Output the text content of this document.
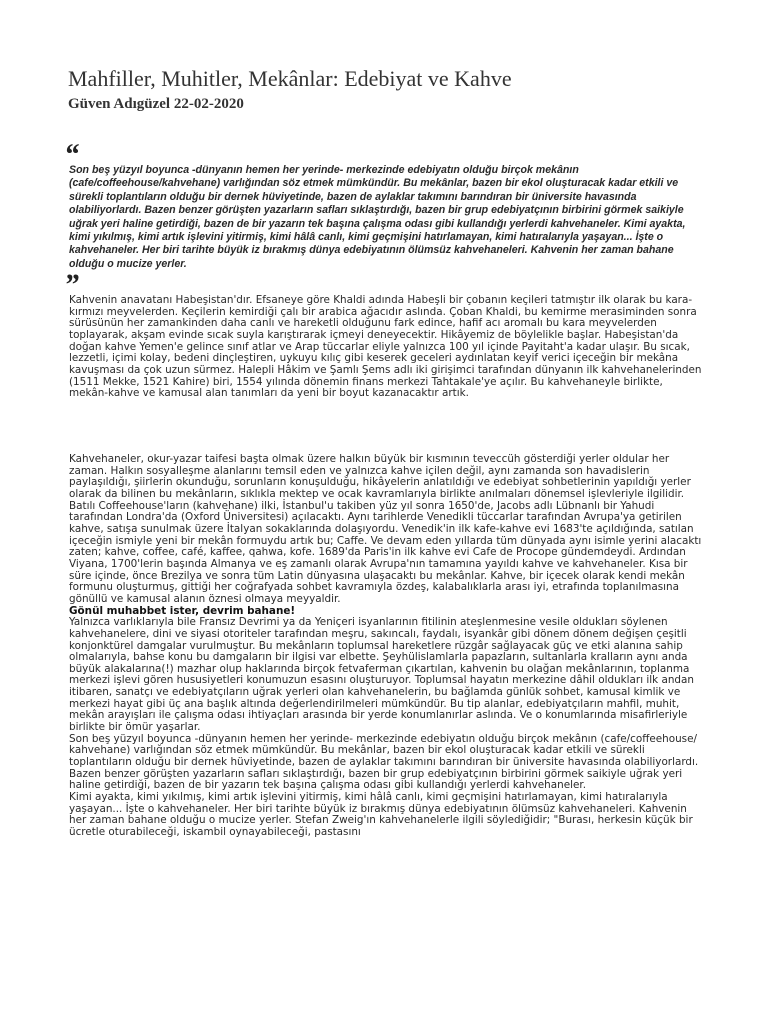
Mahfiller, Muhitler, Mekânlar: Edebiyat ve Kahve
Güven Adıgüzel 22-02-2020
“
Son beş yüzyıl boyunca -dünyanın hemen her yerinde- merkezinde edebiyatın olduğu birçok mekânın (cafe/coffeehouse/kahvehane) varlığından söz etmek mümkündür. Bu mekânlar, bazen bir ekol oluşturacak kadar etkili ve sürekli toplantıların olduğu bir dernek hüviyetinde, bazen de aylaklar takımını barındıran bir üniversite havasında olabiliyorlardı. Bazen benzer görüşten yazarların safları sıklaştırdığı, bazen bir grup edebiyatçının birbirini görmek saikiyle uğrak yeri haline getirdiği, bazen de bir yazarın tek başına çalışma odası gibi kullandığı yerlerdi kahvehaneler. Kimi ayakta, kimi yıkılmış, kimi artık işlevini yitirmiş, kimi hâlâ canlı, kimi geçmişini hatırlamayan, kimi hatıralarıyla yaşayan... İşte o kahvehaneler. Her biri tarihte büyük iz bırakmış dünya edebiyatının ölümsüz kahvehaneleri. Kahvenin her zaman bahane olduğu o mucize yerler.
”

Kahvenin anavatanı Habeşistan'dır. Efsaneye göre Khaldi adında Habeşli bir çobanın keçileri tatmıştır ilk olarak bu kara-kırmızı meyvelerden. Keçilerin kemirdiği çalı bir arabica ağacıdır aslında. Çoban Khaldi, bu kemirme merasiminden sonra sürüsünün her zamankinden daha canlı ve hareketli olduğunu fark edince, hafif acı aromalı bu kara meyvelerden toplayarak, akşam evinde sıcak suyla karıştırarak içmeyi deneyecektir. Hikâyemiz de böylelikle başlar. Habeşistan'da doğan kahve Yemen'e gelince sınıf atlar ve Arap tüccarlar eliyle yalnızca 100 yıl içinde Payitaht'a kadar ulaşır. Bu sıcak, lezzetli, içimi kolay, bedeni dinçleştiren, uykuyu kılıç gibi keserek geceleri aydınlatan keyif verici içeceğin bir mekâna kavuşması da çok uzun sürmez. Halepli Hâkim ve Şamlı Şems adlı iki girişimci tarafından dünyanın ilk kahvehanelerinden (1511 Mekke, 1521 Kahire) biri, 1554 yılında dönemin finans merkezi Tahtakale'ye açılır. Bu kahvehaneyle birlikte, mekân-kahve ve kamusal alan tanımları da yeni bir boyut kazanacaktır artık.

Kahvehaneler, okur-yazar taifesi başta olmak üzere halkın büyük bir kısmının teveccüh gösterdiği yerler oldular her zaman. Halkın sosyalleşme alanlarını temsil eden ve yalnızca kahve içilen değil, aynı zamanda son havadislerin paylaşıldığı, şiirlerin okunduğu, sorunların konuşulduğu, hikâyelerin anlatıldığı ve edebiyat sohbetlerinin yapıldığı yerler olarak da bilinen bu mekânların, sıklıkla mektep ve ocak kavramlarıyla birlikte anılmaları dönemsel işlevleriyle ilgilidir.

Batılı Coffeehouse'ların (kahvehane) ilki, İstanbul'u takiben yüz yıl sonra 1650'de, Jacobs adlı Lübnanlı bir Yahudi tarafından Londra'da (Oxford Üniversitesi) açılacaktı. Aynı tarihlerde Venedikli tüccarlar tarafından Avrupa'ya getirilen kahve, satışa sunulmak üzere İtalyan sokaklarında dolaşıyordu. Venedik'in ilk kafe-kahve evi 1683'te açıldığında, satılan içeceğin ismiyle yeni bir mekân formuydu artık bu; Caffe. Ve devam eden yıllarda tüm dünyada aynı isimle yerini alacaktı zaten; kahve, coffee, café, kaffee, qahwa, kofe. 1689'da Paris'in ilk kahve evi Cafe de Procope gündemdeydi. Ardından Viyana, 1700'lerin başında Almanya ve eş zamanlı olarak Avrupa'nın tamamına yayıldı kahve ve kahvehaneler. Kısa bir süre içinde, önce Brezilya ve sonra tüm Latin dünyasına ulaşacaktı bu mekânlar. Kahve, bir içecek olarak kendi mekân formunu oluşturmuş, gittiği her coğrafyada sohbet kavramıyla özdeş, kalabalıklarla arası iyi, etrafında toplanılmasına gönüllü ve kamusal alanın öznesi olmaya meyyaldir.

Gönül muhabbet ister, devrim bahane!

Yalnızca varlıklarıyla bile Fransız Devrimi ya da Yeniçeri isyanlarının fitilinin ateşlenmesine vesile oldukları söylenen kahvehanelere, dini ve siyasi otoriteler tarafından meşru, sakıncalı, faydalı, isyankâr gibi dönem dönem değişen çeşitli konjonktürel damgalar vurulmuştur. Bu mekânların toplumsal hareketlere rüzgâr sağlayacak güç ve etki alanına sahip olmalarıyla, bahse konu bu damgaların bir ilgisi var elbette. Şeyhülislamlarla papazların, sultanlarla kralların aynı anda büyük alakalarına(!) mazhar olup haklarında birçok fetvaferman çıkartılan, kahvenin bu olağan mekânlarının, toplanma merkezi işlevi gören hususiyetleri konumuzun esasını oluşturuyor. Toplumsal hayatın merkezine dâhil oldukları ilk andan itibaren, sanatçı ve edebiyatçıların uğrak yerleri olan kahvehanelerin, bu bağlamda günlük sohbet, kamusal kimlik ve merkezi hayat gibi üç ana başlık altında değerlendirilmeleri mümkündür. Bu tip alanlar, edebiyatçıların mahfil, muhit, mekân arayışları ile çalışma odası ihtiyaçları arasında bir yerde konumlanırlar aslında. Ve o konumlarında misafirleriyle birlikte bir ömür yaşarlar.

Son beş yüzyıl boyunca -dünyanın hemen her yerinde- merkezinde edebiyatın olduğu birçok mekânın (cafe/coffeehouse/ kahvehane) varlığından söz etmek mümkündür. Bu mekânlar, bazen bir ekol oluşturacak kadar etkili ve sürekli toplantıların olduğu bir dernek hüviyetinde, bazen de aylaklar takımını barındıran bir üniversite havasında olabiliyorlardı. Bazen benzer görüşten yazarların safları sıklaştırdığı, bazen bir grup edebiyatçının birbirini görmek saikiyle uğrak yeri haline getirdiği, bazen de bir yazarın tek başına çalışma odası gibi kullandığı yerlerdi kahvehaneler.

Kimi ayakta, kimi yıkılmış, kimi artık işlevini yitirmiş, kimi hâlâ canlı, kimi geçmişini hatırlamayan, kimi hatıralarıyla yaşayan... İşte o kahvehaneler. Her biri tarihte büyük iz bırakmış dünya edebiyatının ölümsüz kahvehaneleri. Kahvenin her zaman bahane olduğu o mucize yerler. Stefan Zweig'ın kahvehanelerle ilgili söylediğidir; "Burası, herkesin küçük bir ücretle oturabileceği, iskambil oynayabileceği, pastasını
